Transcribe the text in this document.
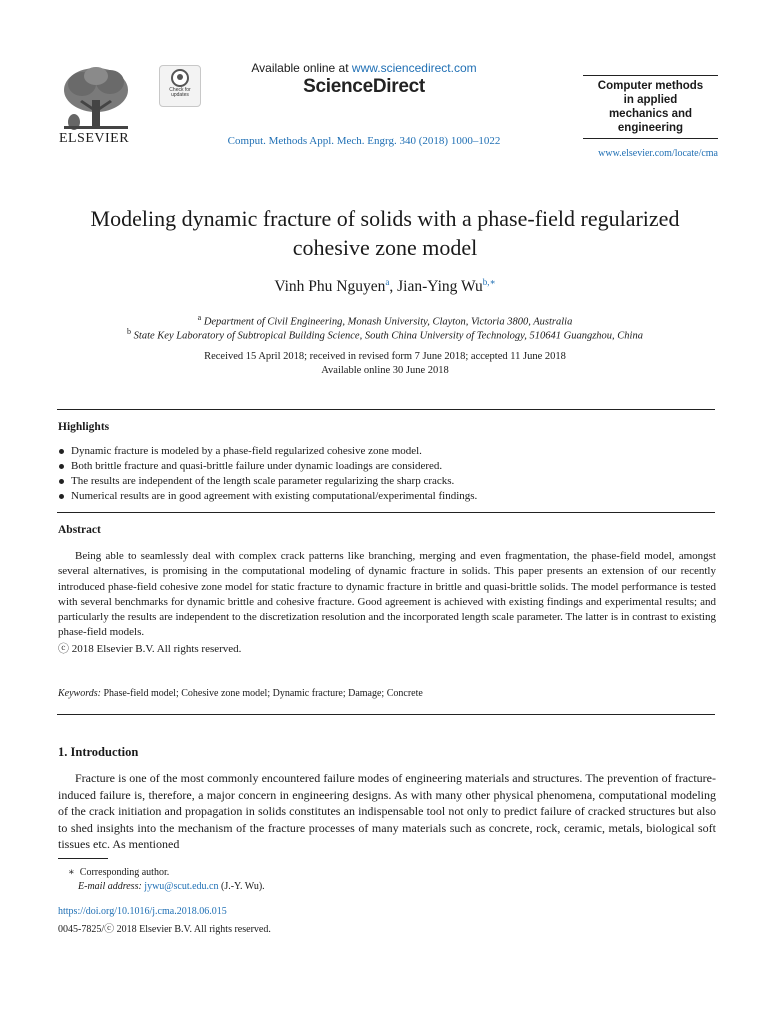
ELSEVIER
Check for updates
Available online at www.sciencedirect.com
ScienceDirect
Comput. Methods Appl. Mech. Engrg. 340 (2018) 1000–1022
Computer methods
in applied
mechanics and
engineering
www.elsevier.com/locate/cma
Modeling dynamic fracture of solids with a phase-field regularized
cohesive zone model
Vinh Phu Nguyen$^a$, Jian-Ying $Wu^{b,∗}$
$^a$ Department of Civil Engineering, Monash University, Clayton, Victoria 3800, Australia
$^b$ State Key Laboratory of Subtropical Building Science, South China University of Technology, 510641 Guangzhou, China
Received 15 April 2018; received in revised form 7 June 2018; accepted 11 June 2018
Available online 30 June 2018
Highlights
Dynamic fracture is modeled by a phase-field regularized cohesive zone model.
Both brittle fracture and quasi-brittle failure under dynamic loadings are considered.
The results are independent of the length scale parameter regularizing the sharp cracks.
Numerical results are in good agreement with existing computational/experimental findings.
Abstract

Being able to seamlessly deal with complex crack patterns like branching, merging and even fragmentation, the phase-field model, amongst several alternatives, is promising in the computational modeling of dynamic fracture in solids. This paper presents an extension of our recently introduced phase-field cohesive zone model for static fracture to dynamic fracture in brittle and quasi-brittle solids. The model performance is tested with several benchmarks for dynamic brittle and cohesive fracture. Good agreement is achieved with existing findings and experimental results; and particularly the results are independent to the discretization resolution and the incorporated length scale parameter. The latter is in contrast to existing phase-field models.

ⓒ 2018 Elsevier B.V. All rights reserved.
Keywords: Phase-field model; Cohesive zone model; Dynamic fracture; Damage; Concrete
1. Introduction

Fracture is one of the most commonly encountered failure modes of engineering materials and structures. The prevention of fracture-induced failure is, therefore, a major concern in engineering designs. As with many other physical phenomena, computational modeling of the crack initiation and propagation in solids constitutes an indispensable tool not only to predict failure of cracked structures but also to shed insights into the mechanism of the fracture processes of many materials such as concrete, rock, ceramic, metals, biological soft tissues etc. As mentioned

∗ Corresponding author.
E-mail address: jywu@scut.edu.cn (J.-Y. Wu).
https://doi.org/10.1016/j.cma.2018.06.015
0045-7825/ⓒ 2018 Elsevier B.V. All rights reserved.
